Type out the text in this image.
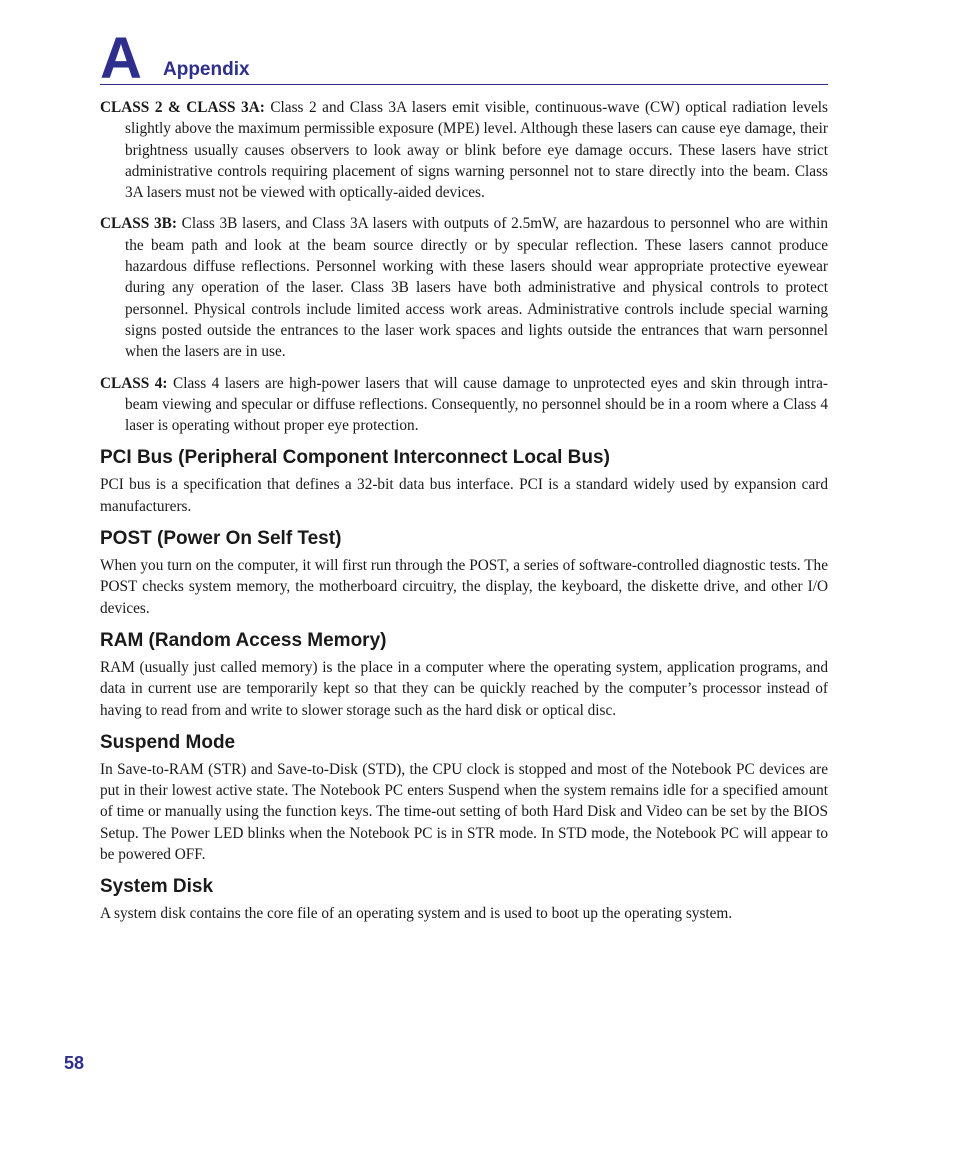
A Appendix

CLASS 2 & CLASS 3A: Class 2 and Class 3A lasers emit visible, continuous-wave (CW) optical radiation levels slightly above the maximum permissible exposure (MPE) level. Although these lasers can cause eye damage, their brightness usually causes observers to look away or blink before eye damage occurs. These lasers have strict administrative controls requiring placement of signs warning personnel not to stare directly into the beam. Class 3A lasers must not be viewed with optically-aided devices.

CLASS 3B: Class 3B lasers, and Class 3A lasers with outputs of 2.5mW, are hazardous to personnel who are within the beam path and look at the beam source directly or by specular reflection. These lasers cannot produce hazardous diffuse reflections. Personnel working with these lasers should wear appropriate protective eyewear during any operation of the laser. Class 3B lasers have both administrative and physical controls to protect personnel. Physical controls include limited access work areas. Administrative controls include special warning signs posted outside the entrances to the laser work spaces and lights outside the entrances that warn personnel when the lasers are in use.

CLASS 4: Class 4 lasers are high-power lasers that will cause damage to unprotected eyes and skin through intra-beam viewing and specular or diffuse reflections. Consequently, no personnel should be in a room where a Class 4 laser is operating without proper eye protection.

PCI Bus (Peripheral Component Interconnect Local Bus)

PCI bus is a specification that defines a 32-bit data bus interface. PCI is a standard widely used by expansion card manufacturers.

POST (Power On Self Test)

When you turn on the computer, it will first run through the POST, a series of software-controlled diagnostic tests. The POST checks system memory, the motherboard circuitry, the display, the keyboard, the diskette drive, and other I/O devices.

RAM (Random Access Memory)

RAM (usually just called memory) is the place in a computer where the operating system, application programs, and data in current use are temporarily kept so that they can be quickly reached by the computer’s processor instead of having to read from and write to slower storage such as the hard disk or optical disc.

Suspend Mode

In Save-to-RAM (STR) and Save-to-Disk (STD), the CPU clock is stopped and most of the Notebook PC devices are put in their lowest active state. The Notebook PC enters Suspend when the system remains idle for a specified amount of time or manually using the function keys. The time-out setting of both Hard Disk and Video can be set by the BIOS Setup. The Power LED blinks when the Notebook PC is in STR mode. In STD mode, the Notebook PC will appear to be powered OFF.

System Disk

A system disk contains the core file of an operating system and is used to boot up the operating system.

58
